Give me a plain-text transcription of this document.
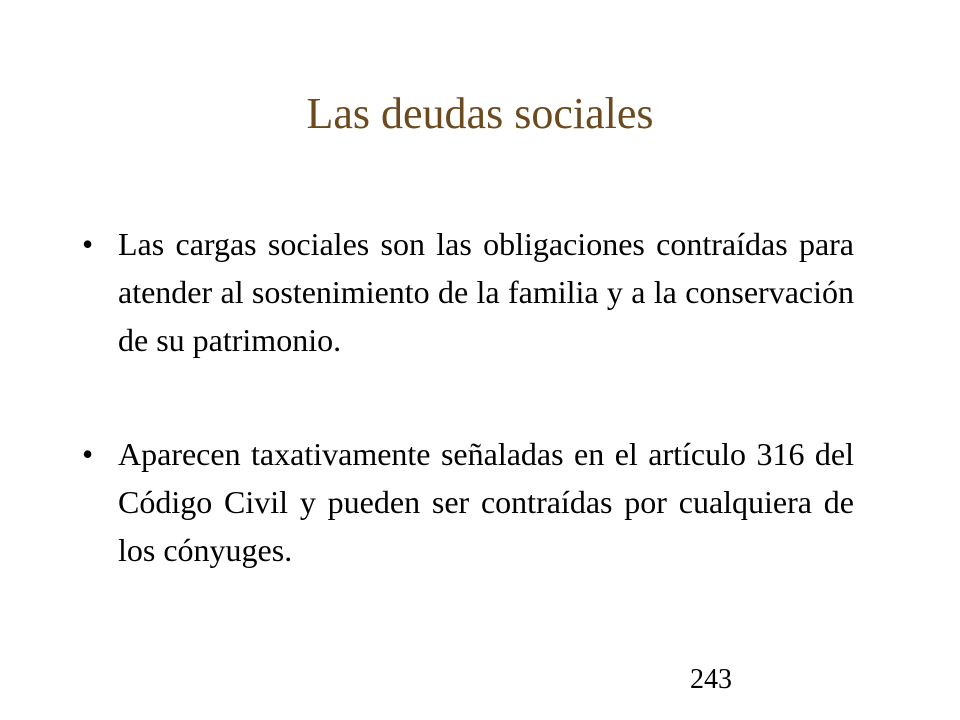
Las deudas sociales
• Las cargas sociales son las obligaciones contraídas para atender al sostenimiento de la familia y a la conservación de su patrimonio.
• Aparecen taxativamente señaladas en el artículo 316 del Código Civil y pueden ser contraídas por cualquiera de los cónyuges.
243
